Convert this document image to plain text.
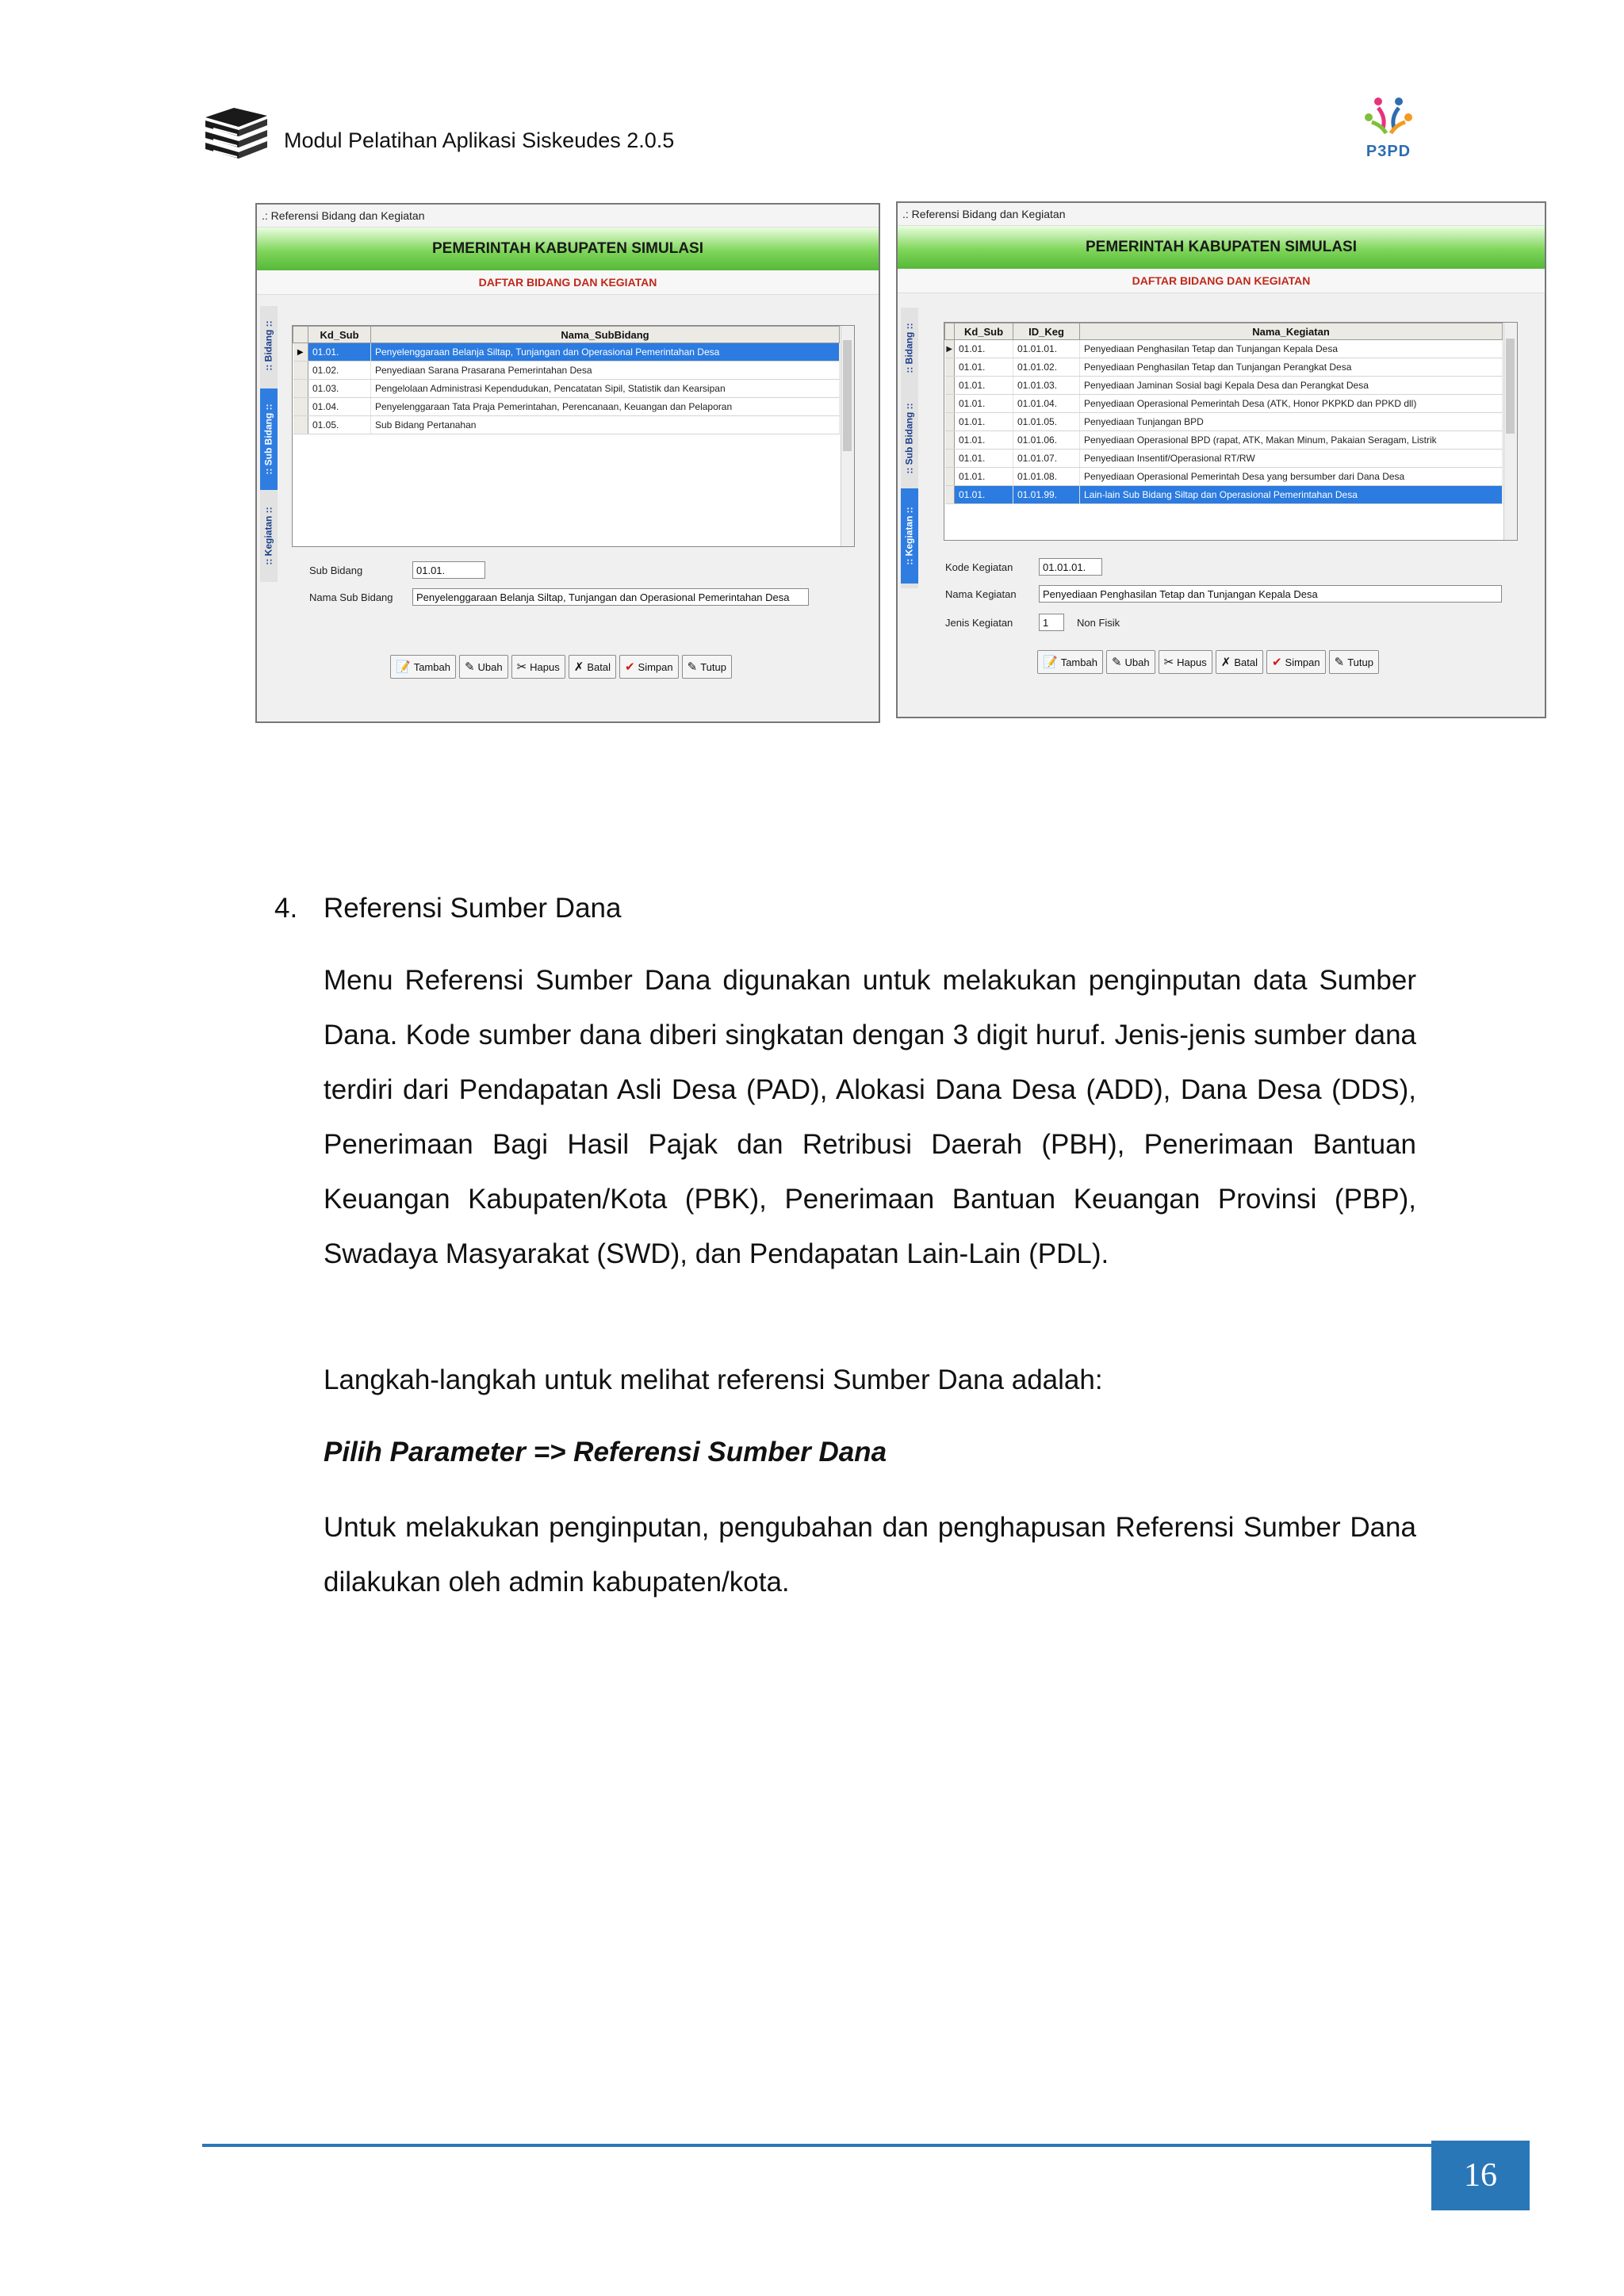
Modul Pelatihan Aplikasi Siskeudes 2.0.5	P3PD
.: Referensi Bidang dan Kegiatan
PEMERINTAH KABUPATEN SIMULASI
DAFTAR BIDANG DAN KEGIATAN
:: Bidang ::
:: Sub Bidang ::
:: Kegiatan ::
	Kd_Sub	Nama_SubBidang
▶	01.01.	Penyelenggaraan Belanja Siltap, Tunjangan dan Operasional Pemerintahan Desa
	01.02.	Penyediaan Sarana Prasarana Pemerintahan Desa
	01.03.	Pengelolaan Administrasi Kependudukan, Pencatatan Sipil, Statistik dan Kearsipan
	01.04.	Penyelenggaraan Tata Praja Pemerintahan, Perencanaan, Keuangan dan Pelaporan
	01.05.	Sub Bidang Pertanahan
Sub Bidang	01.01.
Nama Sub Bidang	Penyelenggaraan Belanja Siltap, Tunjangan dan Operasional Pemerintahan Desa
📝 Tambah ✎ Ubah ✂ Hapus ✗ Batal ✔ Simpan ✎ Tutup
.: Referensi Bidang dan Kegiatan
PEMERINTAH KABUPATEN SIMULASI
DAFTAR BIDANG DAN KEGIATAN
:: Bidang ::
:: Sub Bidang ::
:: Kegiatan ::
	Kd_Sub	ID_Keg	Nama_Kegiatan
▶	01.01.	01.01.01.	Penyediaan Penghasilan Tetap dan Tunjangan Kepala Desa
	01.01.	01.01.02.	Penyediaan Penghasilan Tetap dan Tunjangan Perangkat Desa
	01.01.	01.01.03.	Penyediaan Jaminan Sosial bagi Kepala Desa dan Perangkat Desa
	01.01.	01.01.04.	Penyediaan Operasional Pemerintah Desa (ATK, Honor PKPKD dan PPKD dll)
	01.01.	01.01.05.	Penyediaan Tunjangan BPD
	01.01.	01.01.06.	Penyediaan Operasional BPD (rapat, ATK, Makan Minum, Pakaian Seragam, Listrik
	01.01.	01.01.07.	Penyediaan Insentif/Operasional RT/RW
	01.01.	01.01.08.	Penyediaan Operasional Pemerintah Desa yang bersumber dari Dana Desa
	01.01.	01.01.99.	Lain-lain Sub Bidang Siltap dan Operasional Pemerintahan Desa
Kode Kegiatan	01.01.01.
Nama Kegiatan	Penyediaan Penghasilan Tetap dan Tunjangan Kepala Desa
Jenis Kegiatan	1	Non Fisik
📝 Tambah ✎ Ubah ✂ Hapus ✗ Batal ✔ Simpan ✎ Tutup
4. Referensi Sumber Dana
Menu Referensi Sumber Dana digunakan untuk melakukan penginputan data Sumber Dana. Kode sumber dana diberi singkatan dengan 3 digit huruf. Jenis-jenis sumber dana terdiri dari Pendapatan Asli Desa (PAD), Alokasi Dana Desa (ADD), Dana Desa (DDS), Penerimaan Bagi Hasil Pajak dan Retribusi Daerah (PBH), Penerimaan Bantuan Keuangan Kabupaten/Kota (PBK), Penerimaan Bantuan Keuangan Provinsi (PBP), Swadaya Masyarakat (SWD), dan Pendapatan Lain-Lain (PDL).
Langkah-langkah untuk melihat referensi Sumber Dana adalah:
Pilih Parameter => Referensi Sumber Dana
Untuk melakukan penginputan, pengubahan dan penghapusan Referensi Sumber Dana dilakukan oleh admin kabupaten/kota.
16
